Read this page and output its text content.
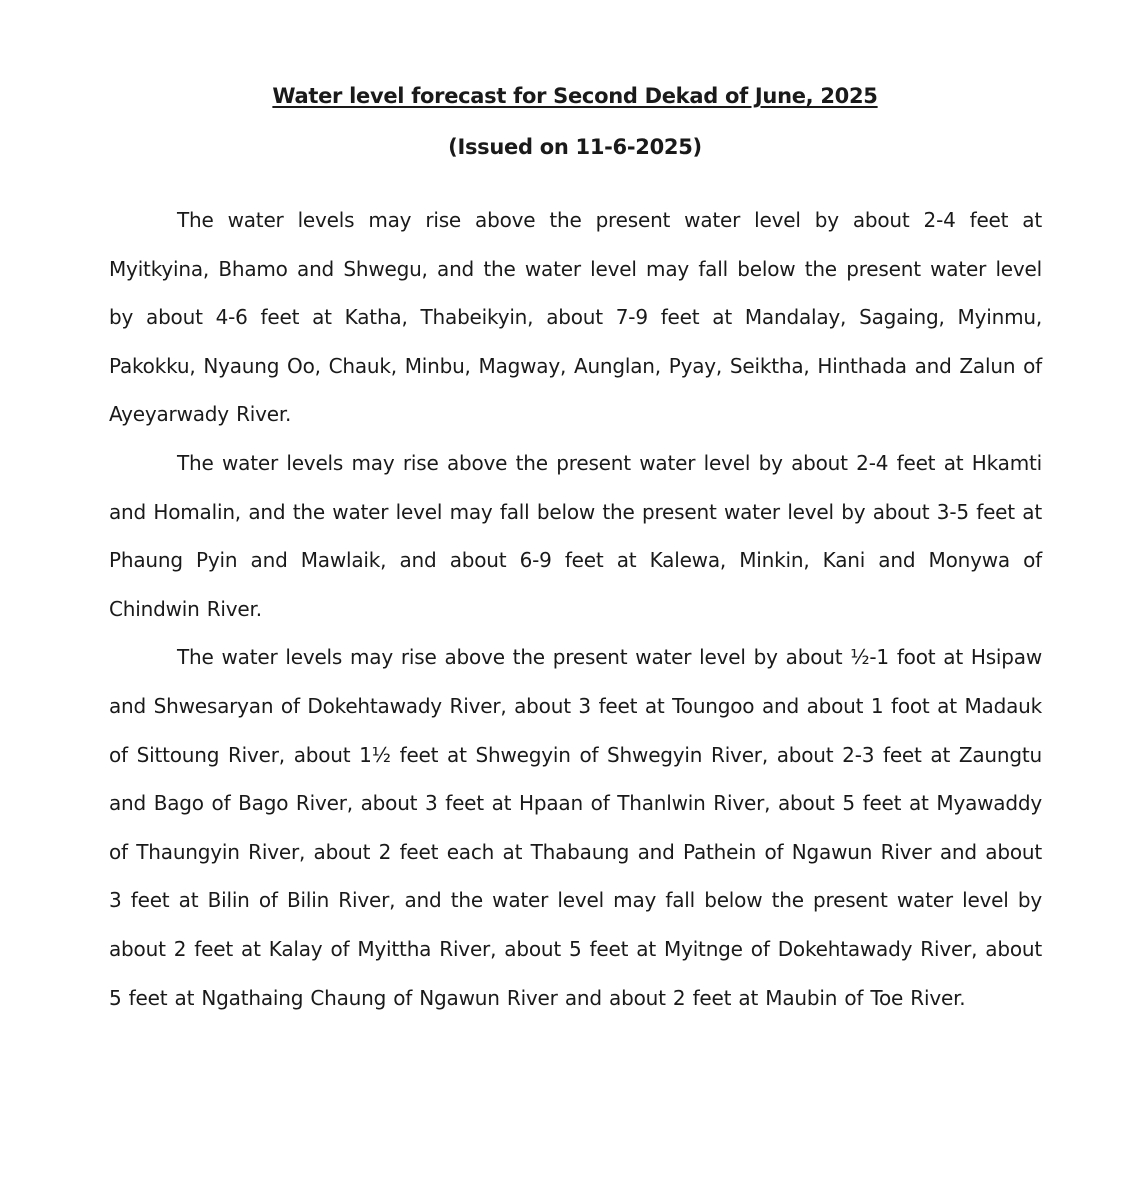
Water level forecast for Second Dekad of June, 2025
(Issued on 11-6-2025)

The water levels may rise above the present water level by about 2-4 feet at Myitkyina, Bhamo and Shwegu, and the water level may fall below the present water level by about 4-6 feet at Katha, Thabeikyin, about 7-9 feet at Mandalay, Sagaing, Myinmu, Pakokku, Nyaung Oo, Chauk, Minbu, Magway, Aunglan, Pyay, Seiktha, Hinthada and Zalun of Ayeyarwady River.

The water levels may rise above the present water level by about 2-4 feet at Hkamti and Homalin, and the water level may fall below the present water level by about 3-5 feet at Phaung Pyin and Mawlaik, and about 6-9 feet at Kalewa, Minkin, Kani and Monywa of Chindwin River.

The water levels may rise above the present water level by about ½-1 foot at Hsipaw and Shwesaryan of Dokehtawady River, about 3 feet at Toungoo and about 1 foot at Madauk of Sittoung River, about 1½ feet at Shwegyin of Shwegyin River, about 2-3 feet at Zaungtu and Bago of Bago River, about 3 feet at Hpaan of Thanlwin River, about 5 feet at Myawaddy of Thaungyin River, about 2 feet each at Thabaung and Pathein of Ngawun River and about 3 feet at Bilin of Bilin River, and the water level may fall below the present water level by about 2 feet at Kalay of Myittha River, about 5 feet at Myitnge of Dokehtawady River, about 5 feet at Ngathaing Chaung of Ngawun River and about 2 feet at Maubin of Toe River.
